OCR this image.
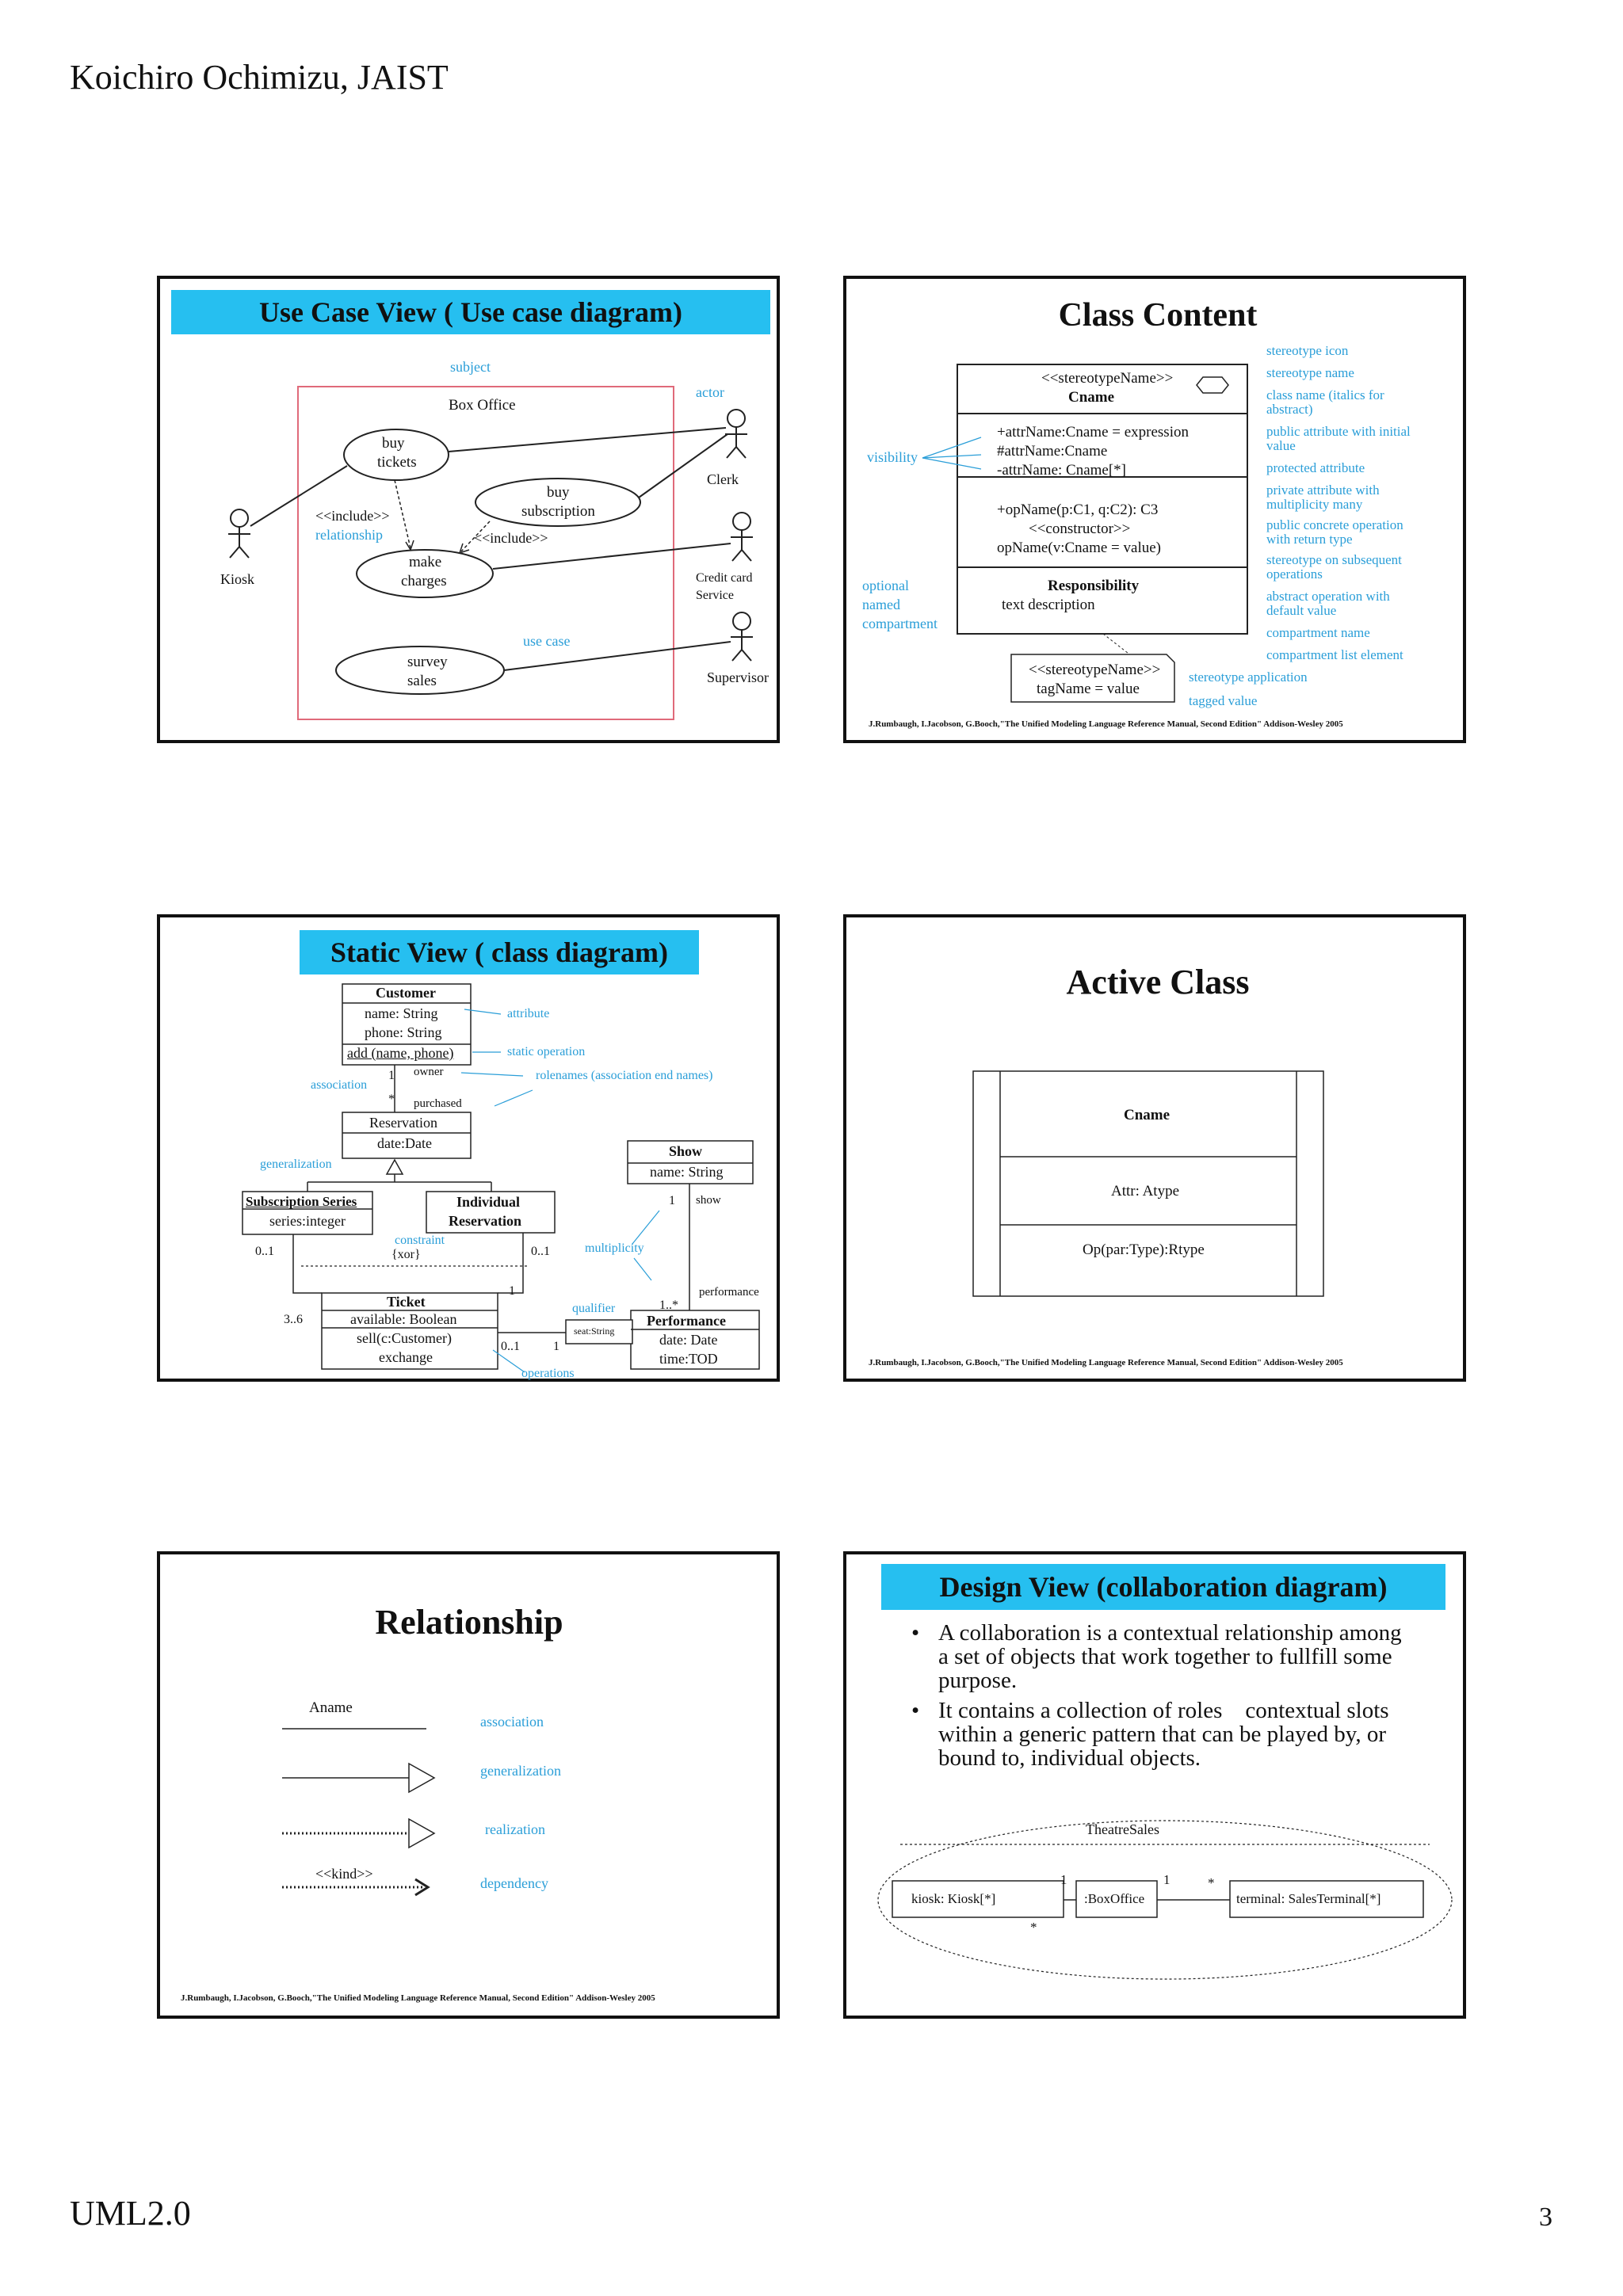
Koichiro Ochimizu, JAIST
Use Case View ( Use case diagram)
subject
Box Office
actor
buy
tickets
buy
subscription
<<include>>
relationship	<<include>>
make
charges
Kiosk
Clerk
Credit card
Service
use case
survey
sales	Supervisor
Class Content
<<stereotypeName>>
Cname
+attrName:Cname = expression
#attrName:Cname
-attrName: Cname[*]
+opName(p:C1, q:C2): C3
<<constructor>>
opName(v:Cname = value)
Responsibility
text description
<<stereotypeName>>
tagName = value
visibility
optional
named
compartment
stereotype icon
stereotype name
class name (italics for
abstract)
public attribute with initial
value
protected attribute
private attribute with
multiplicity many
public concrete operation
with return type
stereotype on subsequent
operations
abstract operation with
default value
compartment name
compartment list element
stereotype application
tagged value
J.Rumbaugh, I.Jacobson, G.Booch,"The Unified Modeling Language Reference Manual, Second Edition" Addison-Wesley 2005
Static View ( class diagram)
Customer
name: String
phone: String
add (name, phone)
attribute
static operation
rolenames (association end names)
association
1
*
owner
purchased
Reservation
date:Date
generalization
Show
name: String
1 show
Subscription Series
series:integer
Individual
Reservation
constraint
{xor}
0..1	0..1	multiplicity
1	performance
1..*
qualifier
seat:String
3..6
Ticket
available: Boolean
sell(c:Customer)
exchange
0..1	1
Performance
date: Date
time:TOD
operations
Active Class
Cname
Attr: Atype
Op(par:Type):Rtype
J.Rumbaugh, I.Jacobson, G.Booch,"The Unified Modeling Language Reference Manual, Second Edition" Addison-Wesley 2005
Relationship
Aname
association
generalization
realization
<<kind>>
dependency
J.Rumbaugh, I.Jacobson, G.Booch,"The Unified Modeling Language Reference Manual, Second Edition" Addison-Wesley 2005
Design View (collaboration diagram)
• A collaboration is a contextual relationship among
a set of objects that work together to fullfill some
purpose.
• It contains a collection of roles　contextual slots
within a generic pattern that can be played by, or
bound to, individual objects.
TheatreSales
kiosk: Kiosk[*]	:BoxOffice	terminal: SalesTerminal[*]
1
*
1	*
UML2.0	3
